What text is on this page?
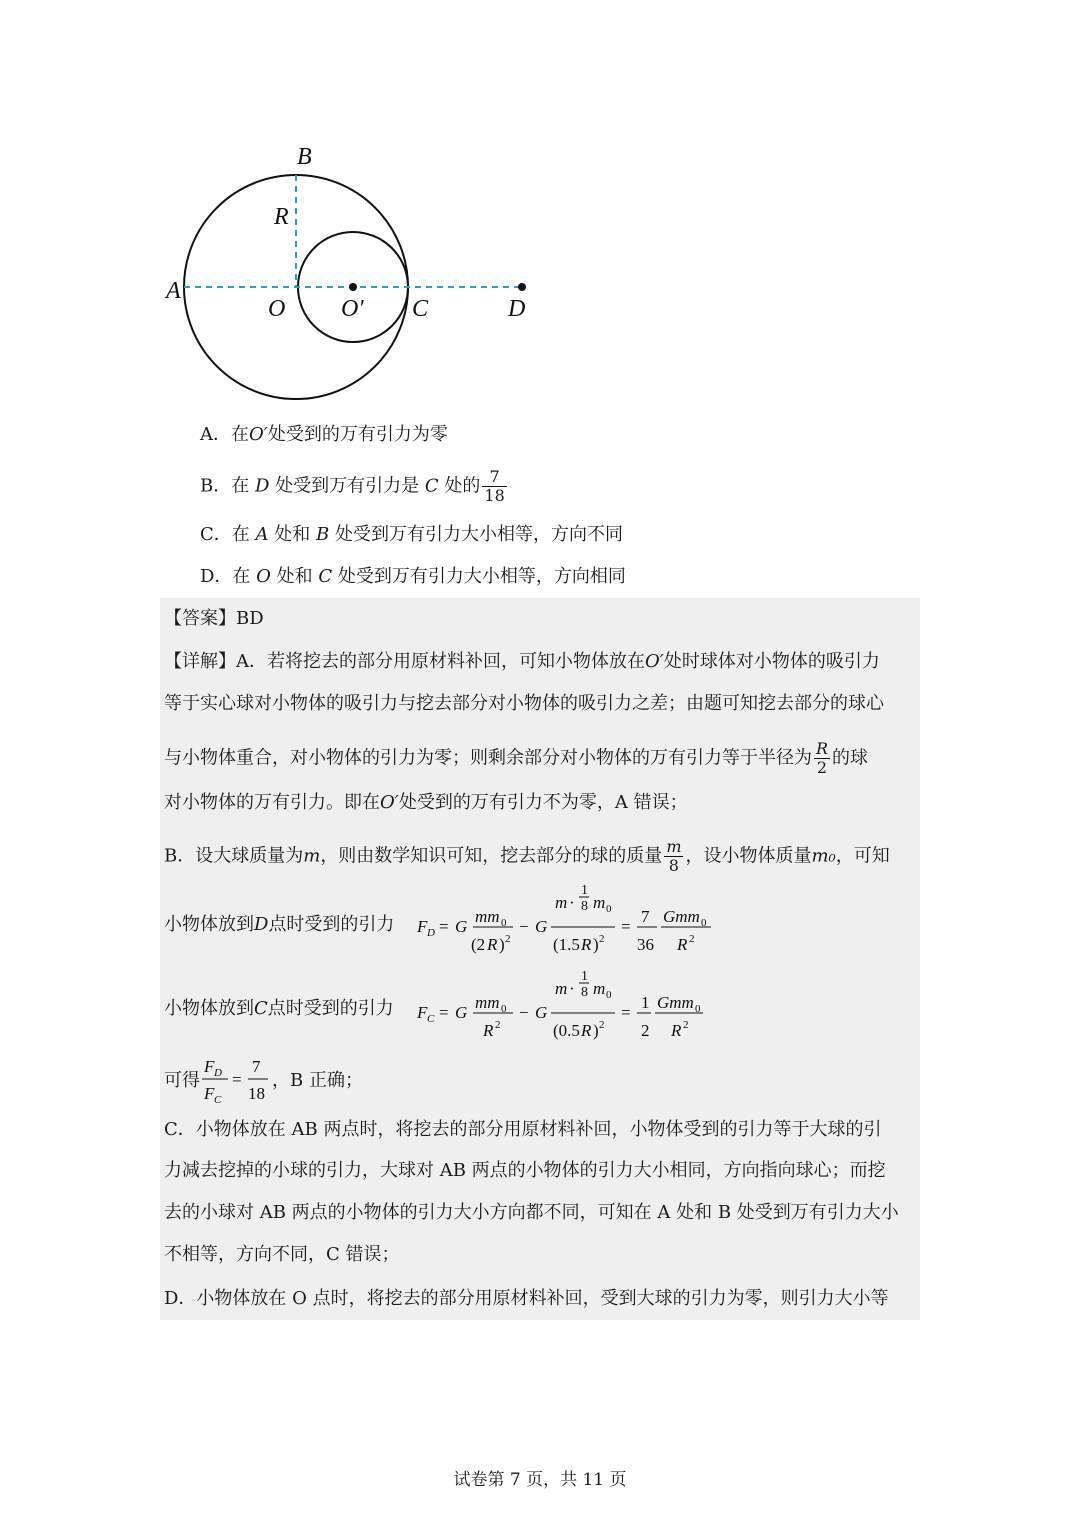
A
B
R
O O′ C	D
A．在O′处受到的万有引力为零
B．在 D 处受到万有引力是 C 处的 $\frac{7}{18}$
C．在 A 处和 B 处受到万有引力大小相等，方向不同
D．在 O 处和 C 处受到万有引力大小相等，方向相同
【答案】BD
【详解】A．若将挖去的部分用原材料补回，可知小物体放在O′处时球体对小物体的吸引力
等于实心球对小物体的吸引力与挖去部分对小物体的吸引力之差；由题可知挖去部分的球心
与小物体重合，对小物体的引力为零；则剩余部分对小物体的万有引力等于半径为 $\frac{R}{2}$ 的球
对小物体的万有引力。即在O′处受到的万有引力不为零，A 错误；
B．设大球质量为m，则由数学知识可知，挖去部分的球的质量 $\frac{m}{8}$ ，设小物体质量m₀，可知
小物体放到D点时受到的引力 F D = G
mm 0
(2 R ) 2
− G
m ·
1
8 m 0
(1.5 R ) 2
=
7
36
Gmm 0
R 2
小物体放到C点时受到的引力 F C = G
mm 0
R 2
− G
m ·
1
8 m 0
(0.5 R ) 2
=
1
2
Gmm 0
R 2
可得
F D
F C
=
7
18
，B 正确；
C．小物体放在 AB 两点时，将挖去的部分用原材料补回，小物体受到的引力等于大球的引
力减去挖掉的小球的引力，大球对 AB 两点的小物体的引力大小相同，方向指向球心；而挖
去的小球对 AB 两点的小物体的引力大小方向都不同，可知在 A 处和 B 处受到万有引力大小
不相等，方向不同，C 错误；
D．小物体放在 O 点时，将挖去的部分用原材料补回，受到大球的引力为零，则引力大小等
试卷第 7 页，共 11 页
